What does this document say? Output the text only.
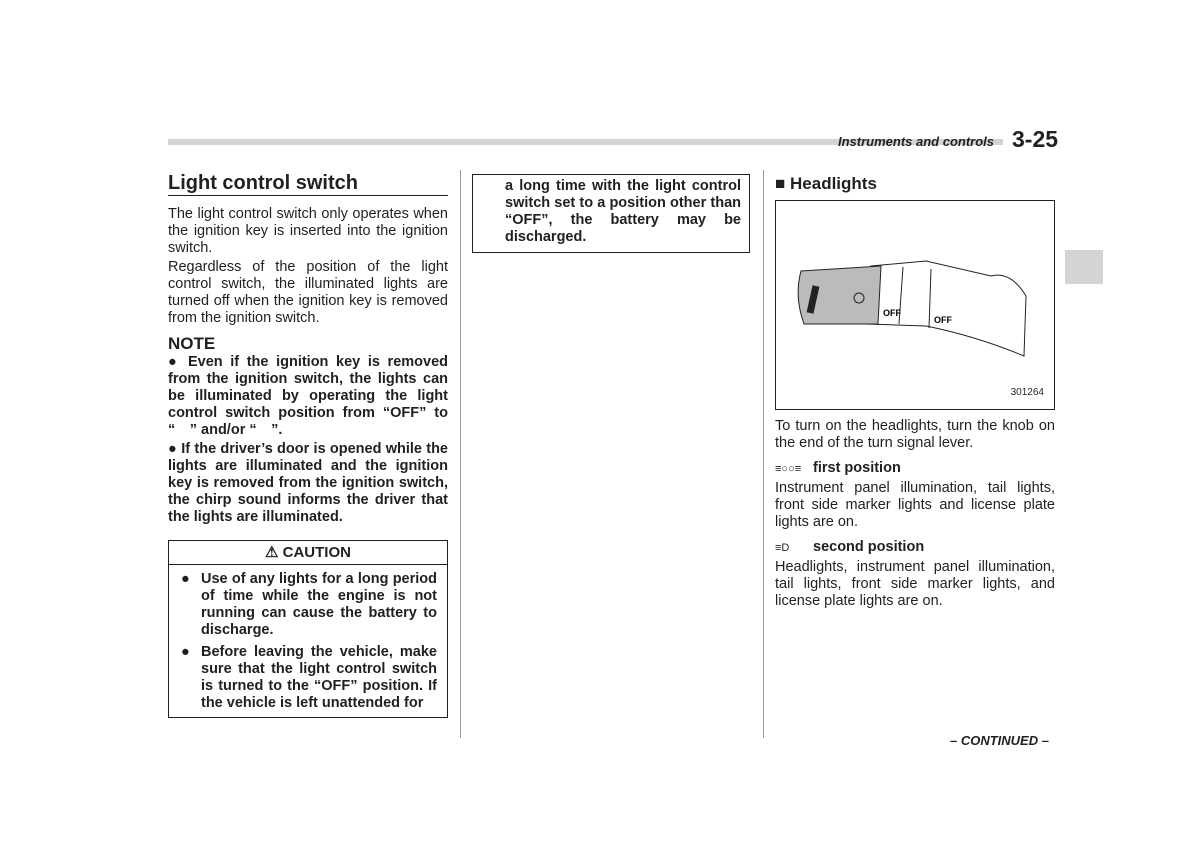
Instruments and controls 3-25
Light control switch

The light control switch only operates when the ignition key is inserted into the ignition switch.

Regardless of the position of the light control switch, the illuminated lights are turned off when the ignition key is removed from the ignition switch.

NOTE

● Even if the ignition key is removed from the ignition switch, the lights can be illuminated by operating the light control switch position from “OFF” to “ ” and/or “ ”.

● If the driver’s door is opened while the lights are illuminated and the ignition key is removed from the ignition switch, the chirp sound informs the driver that the lights are illuminated.

⚠ CAUTION
● Use of any lights for a long period of time while the engine is not running can cause the battery to discharge.
● Before leaving the vehicle, make sure that the light control switch is turned to the “OFF” position. If the vehicle is left unattended for
a long time with the light control switch set to a position other than “OFF”, the battery may be discharged.
■ Headlights
OFF
OFF
301264

To turn on the headlights, turn the knob on the end of the turn signal lever.

≡○○≡ first position

Instrument panel illumination, tail lights, front side marker lights and license plate lights are on.

≡D second position

Headlights, instrument panel illumination, tail lights, front side marker lights, and license plate lights are on.

– CONTINUED –
